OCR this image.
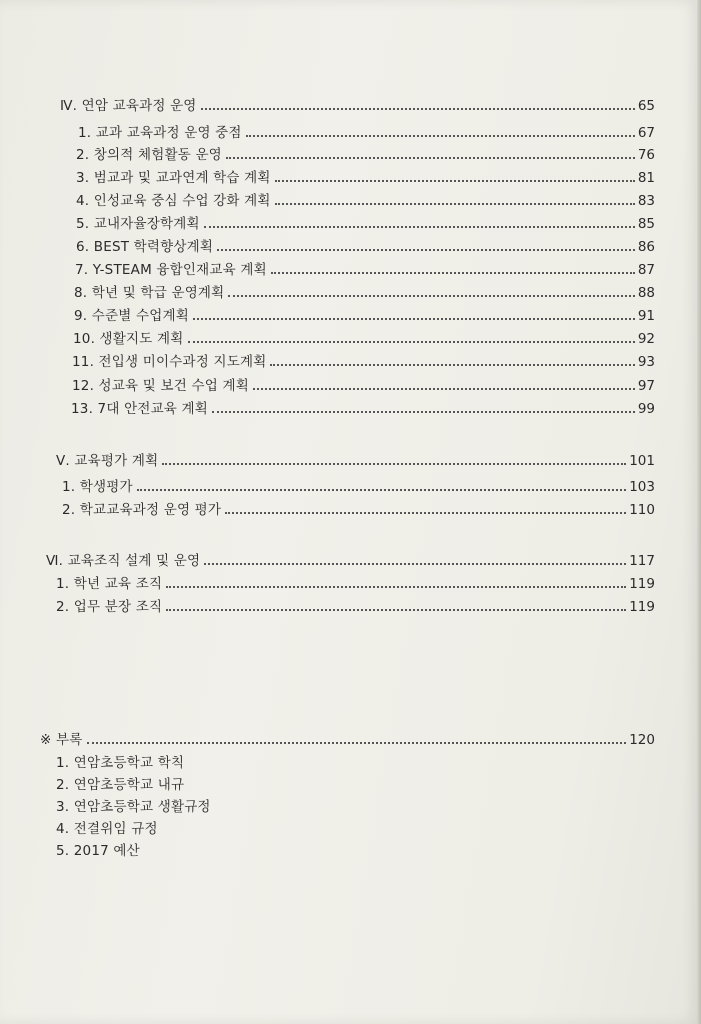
Ⅳ. 연암 교육과정 운영	65
1. 교과 교육과정 운영 중점	67
2. 창의적 체험활동 운영	76
3. 범교과 및 교과연계 학습 계획	81
4. 인성교육 중심 수업 강화 계획	83
5. 교내자율장학계획	85
6. BEST 학력향상계획	86
7. Y-STEAM 융합인재교육 계획	87
8. 학년 및 학급 운영계획	88
9. 수준별 수업계획	91
10. 생활지도 계획	92
11. 전입생 미이수과정 지도계획	93
12. 성교육 및 보건 수업 계획	97
13. 7대 안전교육 계획	99
Ⅴ. 교육평가 계획	101
1. 학생평가	103
2. 학교교육과정 운영 평가	110
Ⅵ. 교육조직 설계 및 운영	117
1. 학년 교육 조직	119
2. 업무 분장 조직	119
※ 부록	120
1. 연암초등학교 학칙
2. 연암초등학교 내규
3. 연암초등학교 생활규정
4. 전결위임 규정
5. 2017 예산
